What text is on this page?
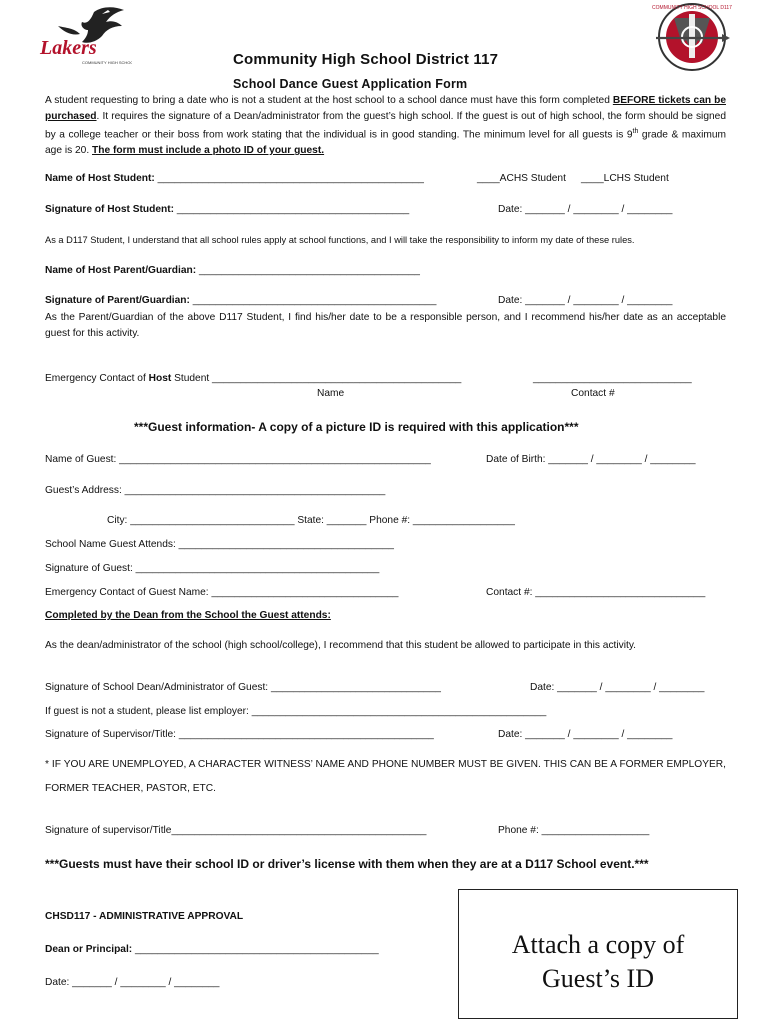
Lakers
COMMUNITY HIGH SCHOOL
COMMUNITY HIGH SCHOOL D117
Community High School District 117
School Dance Guest Application Form
A student requesting to bring a date who is not a student at the host school to a school dance must have this form completed BEFORE tickets can be purchased. It requires the signature of a Dean/administrator from the guest’s high school. If the guest is out of high school, the form should be signed by a college teacher or their boss from work stating that the individual is in good standing. The minimum level for all guests is 9th grade & maximum age is 20. The form must include a photo ID of your guest.
Name of Host Student: _______________________________________________	____ACHS Student ____LCHS Student
Signature of Host Student: _________________________________________	Date: _______ / ________ / ________
As a D117 Student, I understand that all school rules apply at school functions, and I will take the responsibility to inform my date of these rules.
Name of Host Parent/Guardian: _______________________________________
Signature of Parent/Guardian: ___________________________________________	Date: _______ / ________ / ________
As the Parent/Guardian of the above D117 Student, I find his/her date to be a responsible person, and I recommend his/her date as an acceptable guest for this activity.
Emergency Contact of Host Student ____________________________________________	____________________________
Name	Contact #
***Guest information- A copy of a picture ID is required with this application***
Name of Guest: _______________________________________________________	Date of Birth: _______ / ________ / ________
Guest’s Address: ______________________________________________
City: _____________________________ State: _______ Phone #: __________________
School Name Guest Attends: ______________________________________
Signature of Guest: ___________________________________________
Emergency Contact of Guest Name: _________________________________	Contact #: ______________________________
Completed by the Dean from the School the Guest attends:
As the dean/administrator of the school (high school/college), I recommend that this student be allowed to participate in this activity.
Signature of School Dean/Administrator of Guest: ______________________________	Date: _______ / ________ / ________
If guest is not a student, please list employer: ____________________________________________________
Signature of Supervisor/Title: _____________________________________________	Date: _______ / ________ / ________
* IF YOU ARE UNEMPLOYED, A CHARACTER WITNESS’ NAME AND PHONE NUMBER MUST BE GIVEN. THIS CAN BE A FORMER EMPLOYER, FORMER TEACHER, PASTOR, ETC.
Signature of supervisor/Title_____________________________________________	Phone #: ___________________
***Guests must have their school ID or driver’s license with them when they are at a D117 School event.***
CHSD117 - ADMINISTRATIVE APPROVAL
Dean or Principal: ___________________________________________
Date: _______ / ________ / ________
Attach a copy of
Guest’s ID
